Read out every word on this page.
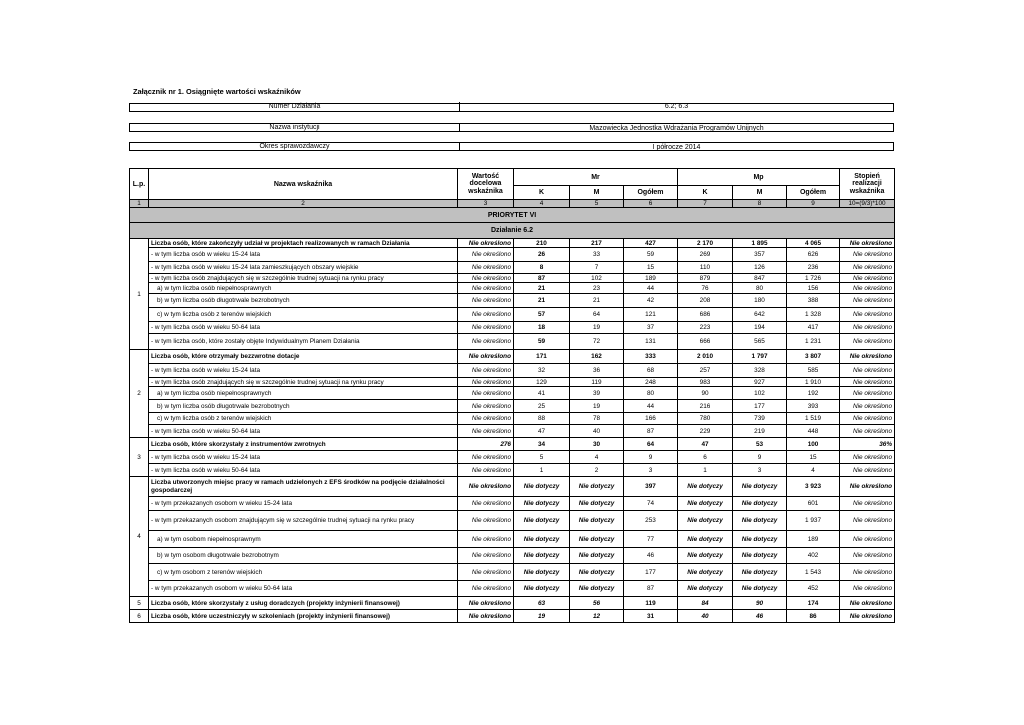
Załącznik nr 1. Osiągnięte wartości wskaźników
Numer Działania	6.2; 6.3
Nazwa instytucji	Mazowiecka Jednostka Wdrażania Programów Unijnych
Okres sprawozdawczy	I półrocze 2014
L.p.	Nazwa wskaźnika	Wartość docelowa wskaźnika	Mr			Mp			Stopień realizacji wskaźnika
			K	M	Ogółem	K	M	Ogółem	
1	2	3	4	5	6	7	8	9	10=(9/3)*100
PRIORYTET VI									
Działanie 6.2									
1	Liczba osób, które zakończyły udział w projektach realizowanych w ramach Działania	Nie określono	210	217	427	2 170	1 895	4 065	Nie określono
	- w tym liczba osób w wieku 15-24 lata	Nie określono	26	33	59	269	357	626	Nie określono
	- w tym liczba osób w wieku 15-24 lata zamieszkujących obszary wiejskie	Nie określono	8	7	15	110	126	236	Nie określono
	- w tym liczba osób znajdujących się w szczególnie trudnej sytuacji na rynku pracy	Nie określono	87	102	189	879	847	1 726	Nie określono
	a) w tym liczba osób niepełnosprawnych	Nie określono	21	23	44	76	80	156	Nie określono
	b) w tym liczba osób długotrwale bezrobotnych	Nie określono	21	21	42	208	180	388	Nie określono
	c) w tym liczba osób z terenów wiejskich	Nie określono	57	64	121	686	642	1 328	Nie określono
	- w tym liczba osób w wieku 50-64 lata	Nie określono	18	19	37	223	194	417	Nie określono
	- w tym liczba osób, które zostały objęte Indywidualnym Planem Działania	Nie określono	59	72	131	666	565	1 231	Nie określono
2	Liczba osób, które otrzymały bezzwrotne dotacje	Nie określono	171	162	333	2 010	1 797	3 807	Nie określono
	- w tym liczba osób w wieku 15-24 lata	Nie określono	32	36	68	257	328	585	Nie określono
	- w tym liczba osób znajdujących się w szczególnie trudnej sytuacji na rynku pracy	Nie określono	129	119	248	983	927	1 910	Nie określono
	a) w tym liczba osób niepełnosprawnych	Nie określono	41	39	80	90	102	192	Nie określono
	b) w tym liczba osób długotrwale bezrobotnych	Nie określono	25	19	44	216	177	393	Nie określono
	c) w tym liczba osób z terenów wiejskich	Nie określono	88	78	166	780	739	1 519	Nie określono
	- w tym liczba osób w wieku 50-64 lata	Nie określono	47	40	87	229	219	448	Nie określono
3	Liczba osób, które skorzystały z instrumentów zwrotnych	276	34	30	64	47	53	100	36%
	- w tym liczba osób w wieku 15-24 lata	Nie określono	5	4	9	6	9	15	Nie określono
	- w tym liczba osób w wieku 50-64 lata	Nie określono	1	2	3	1	3	4	Nie określono
4	Liczba utworzonych miejsc pracy w ramach udzielonych z EFS środków na podjęcie działalności gospodarczej	Nie określono	Nie dotyczy	Nie dotyczy	397	Nie dotyczy	Nie dotyczy	3 923	Nie określono
	- w tym przekazanych osobom w wieku 15-24 lata	Nie określono	Nie dotyczy	Nie dotyczy	74	Nie dotyczy	Nie dotyczy	601	Nie określono
	- w tym przekazanych osobom znajdującym się w szczególnie trudnej sytuacji na rynku pracy	Nie określono	Nie dotyczy	Nie dotyczy	253	Nie dotyczy	Nie dotyczy	1 937	Nie określono
	a) w tym osobom niepełnosprawnym	Nie określono	Nie dotyczy	Nie dotyczy	77	Nie dotyczy	Nie dotyczy	189	Nie określono
	b) w tym osobom długotrwale bezrobotnym	Nie określono	Nie dotyczy	Nie dotyczy	46	Nie dotyczy	Nie dotyczy	402	Nie określono
	c) w tym osobom z terenów wiejskich	Nie określono	Nie dotyczy	Nie dotyczy	177	Nie dotyczy	Nie dotyczy	1 543	Nie określono
	- w tym przekazanych osobom w wieku 50-64 lata	Nie określono	Nie dotyczy	Nie dotyczy	87	Nie dotyczy	Nie dotyczy	452	Nie określono
5	Liczba osób, które skorzystały z usług doradczych (projekty inżynierii finansowej)	Nie określono	63	56	119	84	90	174	Nie określono
6	Liczba osób, które uczestniczyły w szkoleniach (projekty inżynierii finansowej)	Nie określono	19	12	31	40	46	86	Nie określono
